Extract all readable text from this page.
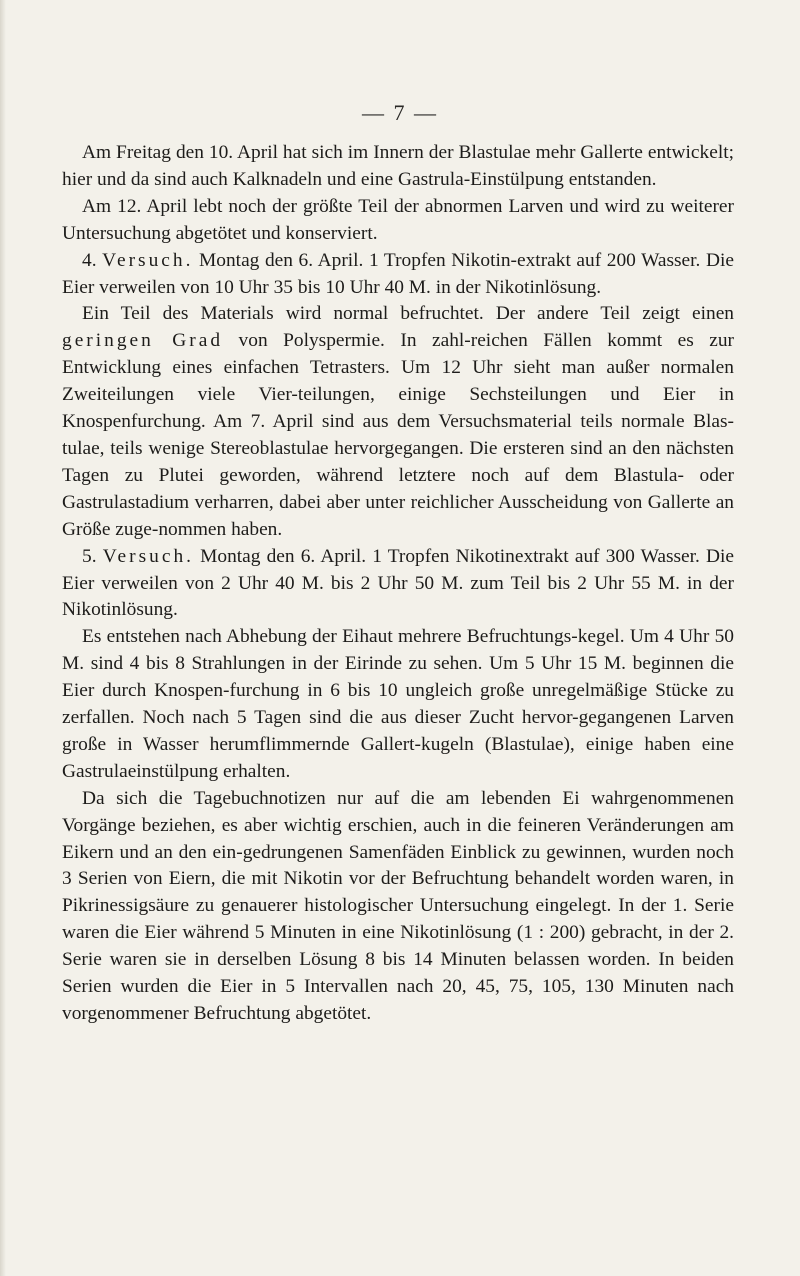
— 7 —

Am Freitag den 10. April hat sich im Innern der Blastulae mehr Gallerte entwickelt; hier und da sind auch Kalknadeln und eine Gastrula-Einstülpung entstanden.

Am 12. April lebt noch der größte Teil der abnormen Larven und wird zu weiterer Untersuchung abgetötet und konserviert.

4. Versuch. Montag den 6. April. 1 Tropfen Nikotin-extrakt auf 200 Wasser. Die Eier verweilen von 10 Uhr 35 bis 10 Uhr 40 M. in der Nikotinlösung.

Ein Teil des Materials wird normal befruchtet. Der andere Teil zeigt einen geringen Grad von Polyspermie. In zahl-reichen Fällen kommt es zur Entwicklung eines einfachen Tetrasters. Um 12 Uhr sieht man außer normalen Zweiteilungen viele Vier-teilungen, einige Sechsteilungen und Eier in Knospenfurchung. Am 7. April sind aus dem Versuchsmaterial teils normale Blas-tulae, teils wenige Stereoblastulae hervorgegangen. Die ersteren sind an den nächsten Tagen zu Plutei geworden, während letztere noch auf dem Blastula- oder Gastrulastadium verharren, dabei aber unter reichlicher Ausscheidung von Gallerte an Größe zuge-nommen haben.

5. Versuch. Montag den 6. April. 1 Tropfen Nikotinextrakt auf 300 Wasser. Die Eier verweilen von 2 Uhr 40 M. bis 2 Uhr 50 M. zum Teil bis 2 Uhr 55 M. in der Nikotinlösung.

Es entstehen nach Abhebung der Eihaut mehrere Befruchtungs-kegel. Um 4 Uhr 50 M. sind 4 bis 8 Strahlungen in der Eirinde zu sehen. Um 5 Uhr 15 M. beginnen die Eier durch Knospen-furchung in 6 bis 10 ungleich große unregelmäßige Stücke zu zerfallen. Noch nach 5 Tagen sind die aus dieser Zucht hervor-gegangenen Larven große in Wasser herumflimmernde Gallert-kugeln (Blastulae), einige haben eine Gastrulaeinstülpung erhalten.

Da sich die Tagebuchnotizen nur auf die am lebenden Ei wahrgenommenen Vorgänge beziehen, es aber wichtig erschien, auch in die feineren Veränderungen am Eikern und an den ein-gedrungenen Samenfäden Einblick zu gewinnen, wurden noch 3 Serien von Eiern, die mit Nikotin vor der Befruchtung behandelt worden waren, in Pikrinessigsäure zu genauerer histologischer Untersuchung eingelegt. In der 1. Serie waren die Eier während 5 Minuten in eine Nikotinlösung (1 : 200) gebracht, in der 2. Serie waren sie in derselben Lösung 8 bis 14 Minuten belassen worden. In beiden Serien wurden die Eier in 5 Intervallen nach 20, 45, 75, 105, 130 Minuten nach vorgenommener Befruchtung abgetötet.
